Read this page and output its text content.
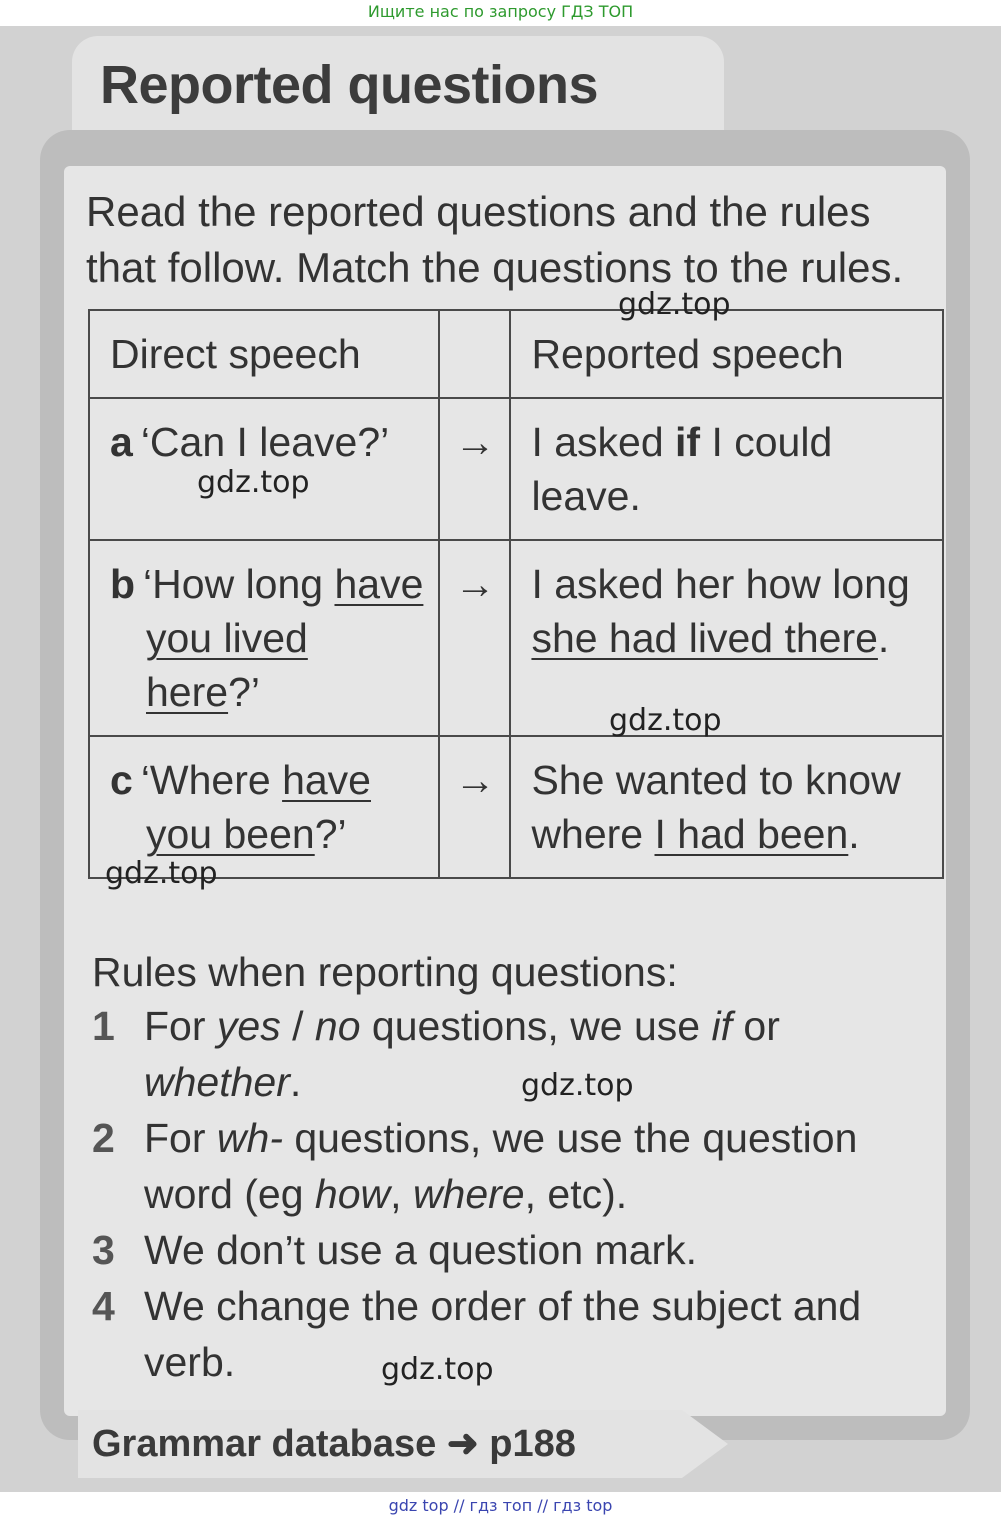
Ищите нас по запросу ГДЗ ТОП
Reported questions

Read the reported questions and the rules that follow. Match the questions to the rules.

Direct speech		Reported speech

a ‘Can I leave?’	→	I asked if I could leave.

b ‘How long have you lived here?’	→	I asked her how long she had lived there.

c ‘Where have you been?’	→	She wanted to know where I had been.

Rules when reporting questions:

1 For yes / no questions, we use if or whether.
2 For wh- questions, we use the question word (eg how, where, etc).
3 We don’t use a question mark.
4 We change the order of the subject and verb.

Grammar database ➜ p188

gdz.top
gdz.top
gdz.top
gdz.top
gdz.top
gdz.top
gdz top // гдз топ // гдз top
